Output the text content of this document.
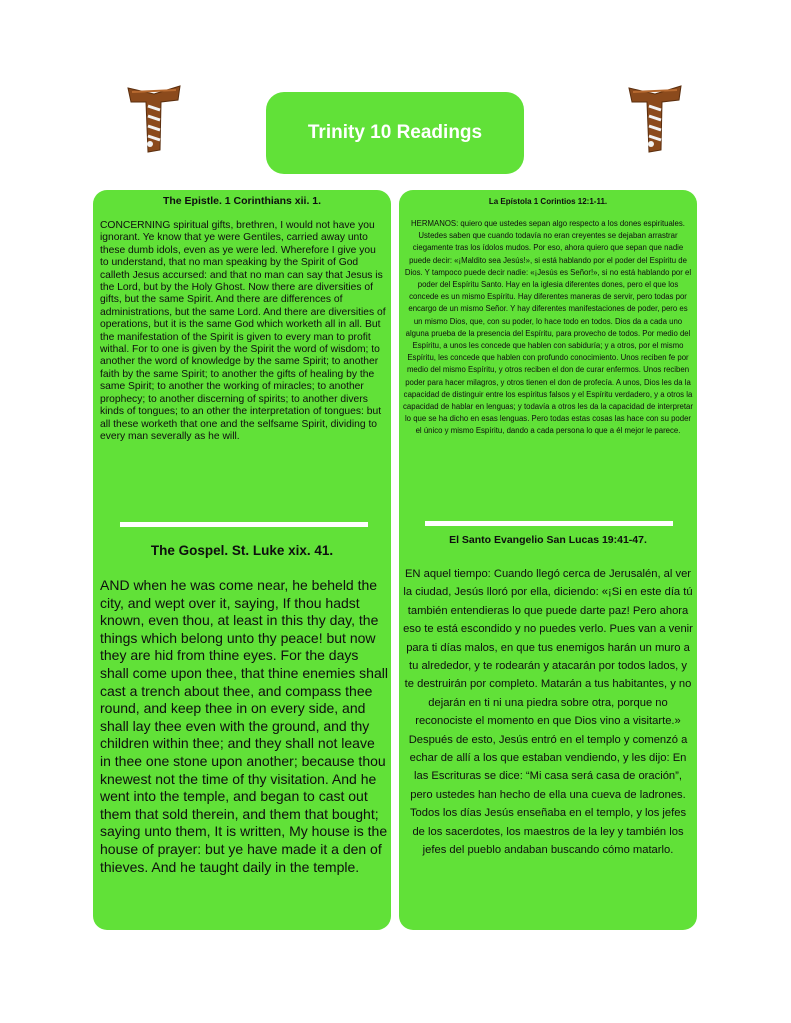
Trinity 10 Readings
The Epistle. 1 Corinthians xii. 1.

CONCERNING spiritual gifts, brethren, I would not have you ignorant. Ye know that ye were Gentiles, carried away unto these dumb idols, even as ye were led. Wherefore I give you to understand, that no man speaking by the Spirit of God calleth Jesus accursed: and that no man can say that Jesus is the Lord, but by the Holy Ghost. Now there are diversities of gifts, but the same Spirit. And there are differences of administrations, but the same Lord. And there are diversities of operations, but it is the same God which worketh all in all. But the manifestation of the Spirit is given to every man to profit withal. For to one is given by the Spirit the word of wisdom; to another the word of knowledge by the same Spirit; to another faith by the same Spirit; to another the gifts of healing by the same Spirit; to another the working of miracles; to another prophecy; to another discerning of spirits; to another divers kinds of tongues; to an other the interpretation of tongues: but all these worketh that one and the selfsame Spirit, dividing to every man severally as he will.

The Gospel. St. Luke xix. 41.

AND when he was come near, he beheld the city, and wept over it, saying, If thou hadst known, even thou, at least in this thy day, the things which belong unto thy peace! but now they are hid from thine eyes. For the days shall come upon thee, that thine enemies shall cast a trench about thee, and compass thee round, and keep thee in on every side, and shall lay thee even with the ground, and thy children within thee; and they shall not leave in thee one stone upon another; because thou knewest not the time of thy visitation. And he went into the temple, and began to cast out them that sold therein, and them that bought; saying unto them, It is written, My house is the house of prayer: but ye have made it a den of thieves. And he taught daily in the temple.

La Epístola 1 Corintios 12:1-11.

HERMANOS: quiero que ustedes sepan algo respecto a los dones espirituales. Ustedes saben que cuando todavía no eran creyentes se dejaban arrastrar ciegamente tras los ídolos mudos. Por eso, ahora quiero que sepan que nadie puede decir: «¡Maldito sea Jesús!», si está hablando por el poder del Espíritu de Dios. Y tampoco puede decir nadie: «¡Jesús es Señor!», si no está hablando por el poder del Espíritu Santo. Hay en la iglesia diferentes dones, pero el que los concede es un mismo Espíritu. Hay diferentes maneras de servir, pero todas por encargo de un mismo Señor. Y hay diferentes manifestaciones de poder, pero es un mismo Dios, que, con su poder, lo hace todo en todos. Dios da a cada uno alguna prueba de la presencia del Espíritu, para provecho de todos. Por medio del Espíritu, a unos les concede que hablen con sabiduría; y a otros, por el mismo Espíritu, les concede que hablen con profundo conocimiento. Unos reciben fe por medio del mismo Espíritu, y otros reciben el don de curar enfermos. Unos reciben poder para hacer milagros, y otros tienen el don de profecía. A unos, Dios les da la capacidad de distinguir entre los espíritus falsos y el Espíritu verdadero, y a otros la capacidad de hablar en lenguas; y todavía a otros les da la capacidad de interpretar lo que se ha dicho en esas lenguas. Pero todas estas cosas las hace con su poder el único y mismo Espíritu, dando a cada persona lo que a él mejor le parece.

El Santo Evangelio San Lucas 19:41-47.

EN aquel tiempo: Cuando llegó cerca de Jerusalén, al ver la ciudad, Jesús lloró por ella, diciendo: «¡Si en este día tú también entendieras lo que puede darte paz! Pero ahora eso te está escondido y no puedes verlo. Pues van a venir para ti días malos, en que tus enemigos harán un muro a tu alrededor, y te rodearán y atacarán por todos lados, y te destruirán por completo. Matarán a tus habitantes, y no dejarán en ti ni una piedra sobre otra, porque no reconociste el momento en que Dios vino a visitarte.» Después de esto, Jesús entró en el templo y comenzó a echar de allí a los que estaban vendiendo, y les dijo: En las Escrituras se dice: “Mi casa será casa de oración”, pero ustedes han hecho de ella una cueva de ladrones. Todos los días Jesús enseñaba en el templo, y los jefes de los sacerdotes, los maestros de la ley y también los jefes del pueblo andaban buscando cómo matarlo.
